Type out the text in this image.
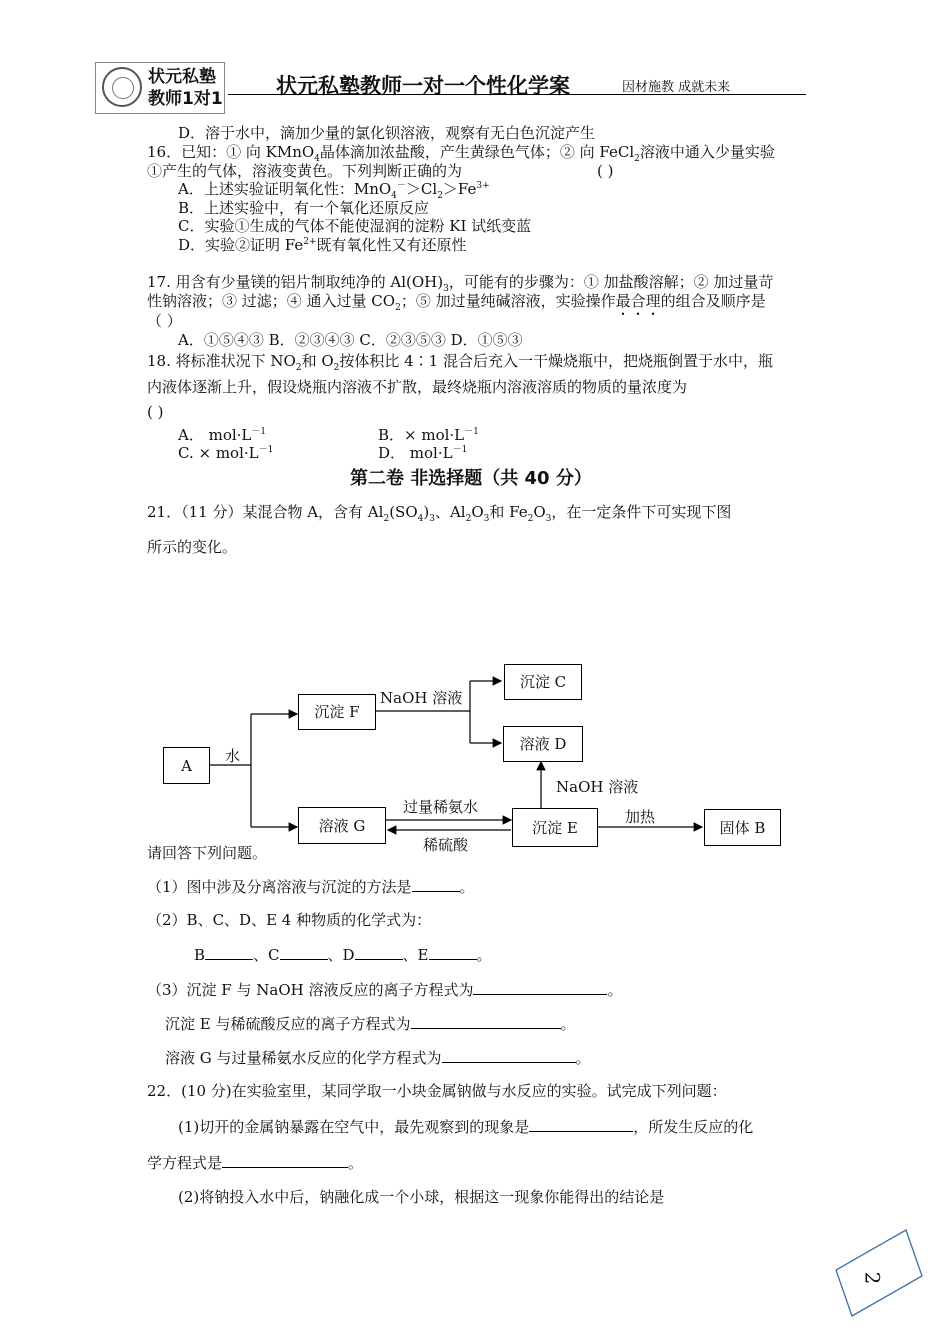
状元私塾
教师1对1
状元私塾教师一对一个性化学案	因材施教 成就未来
D．溶于水中，滴加少量的氯化钡溶液，观察有无白色沉淀产生
16．已知：① 向 KMnO$_4$晶体滴加浓盐酸，产生黄绿色气体；② 向 FeCl$_2$溶液中通入少量实验
①产生的气体，溶液变黄色。下列判断正确的为	( )
A．上述实验证明氧化性：$MnO_4^->Cl_2>Fe^{3+}$
B．上述实验中，有一个氧化还原反应
C．实验①生成的气体不能使湿润的淀粉 KI 试纸变蓝
D．实验②证明 $Fe^{2+}$既有氧化性又有还原性
17. 用含有少量镁的铝片制取纯净的 $Al(OH)_3$，可能有的步骤为：① 加盐酸溶解；② 加过量苛
性钠溶液；③ 过滤；④ 通入过量 $CO_2$；⑤ 加过量纯碱溶液，实验操作最合理的组合及顺序是
（ ）
A．①⑤④③ B．②③④③ C．②③⑤③ D．①⑤③
18. 将标准状况下 $NO_2$和 $O_2$按体积比 4∶1 混合后充入一干燥烧瓶中，把烧瓶倒置于水中，瓶
内液体逐渐上升，假设烧瓶内溶液不扩散，最终烧瓶内溶液溶质的物质的量浓度为
( )
A． $mol\cdot L^{-1}$	B．× $mol\cdot L^{-1}$
C. × $mol\cdot L^{-1}$	D． $mol\cdot L^{-1}$
第二卷 非选择题（共 40 分）
21．（11 分）某混合物 A，含有 $Al_2(SO_4)_3$、$Al_2O_3$和 $Fe_2O_3$，在一定条件下可实现下图
所示的变化。
A
水
沉淀 F
NaOH 溶液
沉淀 C
溶液 D
NaOH 溶液
溶液 G
过量稀氨水
稀硫酸
沉淀 E
加热
固体 B
请回答下列问题。
（1）图中涉及分离溶液与沉淀的方法是	。
（2）B、C、D、E 4 种物质的化学式为：
B	、C	、D	、E	。
（3）沉淀 F 与 NaOH 溶液反应的离子方程式为	。
沉淀 E 与稀硫酸反应的离子方程式为	。
溶液 G 与过量稀氨水反应的化学方程式为	。
22．(10 分)在实验室里，某同学取一小块金属钠做与水反应的实验。试完成下列问题：
(1)切开的金属钠暴露在空气中，最先观察到的现象是	，所发生反应的化
学方程式是	。
(2)将钠投入水中后，钠融化成一个小球，根据这一现象你能得出的结论是
2
